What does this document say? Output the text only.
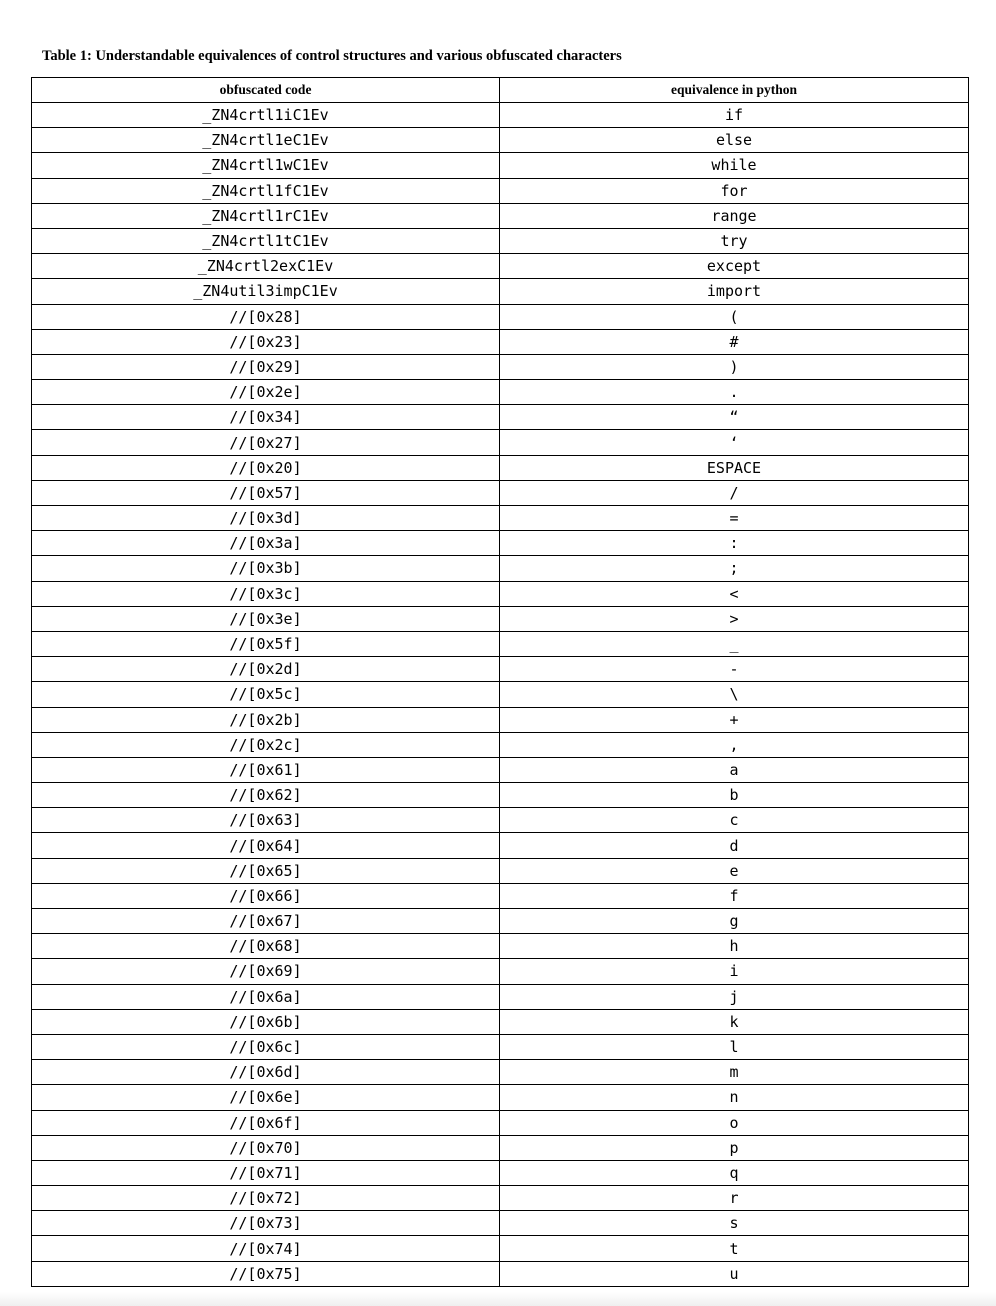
Table 1: Understandable equivalences of control structures and various obfuscated characters
obfuscated code	equivalence in python
_ZN4crtl1iC1Ev	if
_ZN4crtl1eC1Ev	else
_ZN4crtl1wC1Ev	while
_ZN4crtl1fC1Ev	for
_ZN4crtl1rC1Ev	range
_ZN4crtl1tC1Ev	try
_ZN4crtl2exC1Ev	except
_ZN4util3impC1Ev	import
//[0x28]	(
//[0x23]	#
//[0x29]	)
//[0x2e]	.
//[0x34]	“
//[0x27]	‘
//[0x20]	ESPACE
//[0x57]	/
//[0x3d]	=
//[0x3a]	:
//[0x3b]	;
//[0x3c]	<
//[0x3e]	>
//[0x5f]	_
//[0x2d]	-
//[0x5c]	\
//[0x2b]	+
//[0x2c]	,
//[0x61]	a
//[0x62]	b
//[0x63]	c
//[0x64]	d
//[0x65]	e
//[0x66]	f
//[0x67]	g
//[0x68]	h
//[0x69]	i
//[0x6a]	j
//[0x6b]	k
//[0x6c]	l
//[0x6d]	m
//[0x6e]	n
//[0x6f]	o
//[0x70]	p
//[0x71]	q
//[0x72]	r
//[0x73]	s
//[0x74]	t
//[0x75]	u
